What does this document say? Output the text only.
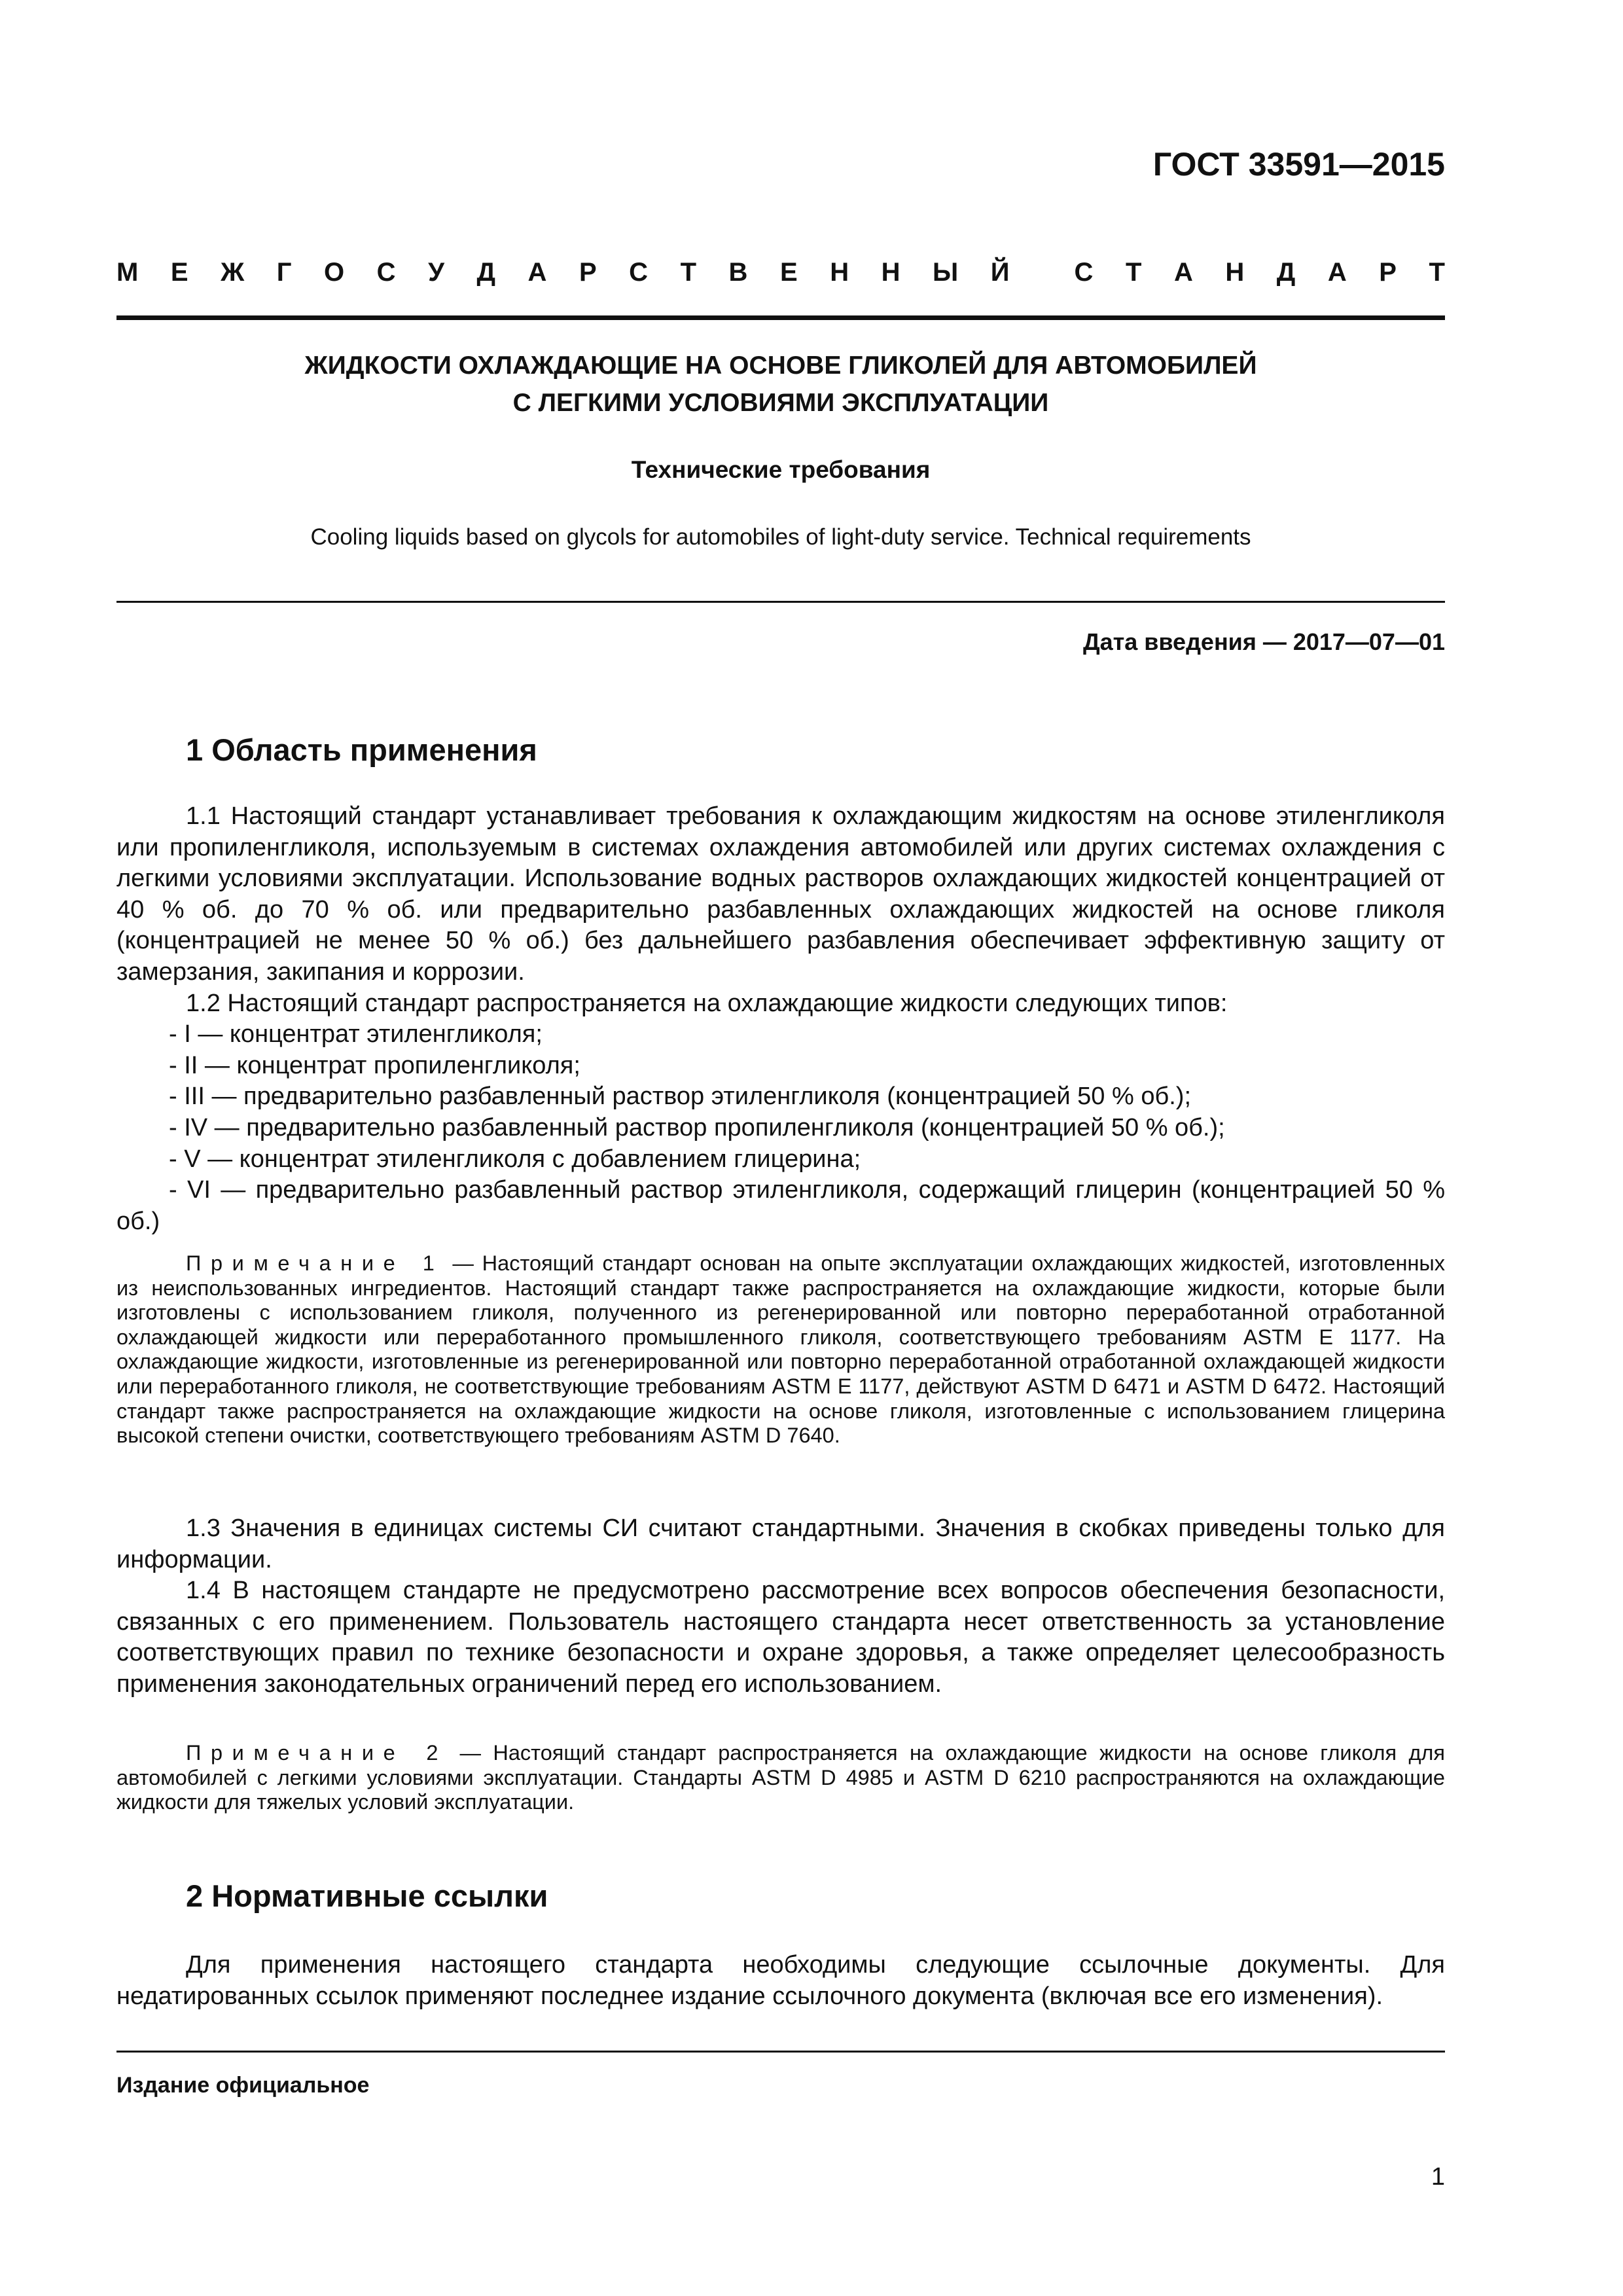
ГОСТ 33591—2015
М Е Ж Г О С У Д А Р С Т В Е Н Н Ы Й С Т А Н Д А Р Т
ЖИДКОСТИ ОХЛАЖДАЮЩИЕ НА ОСНОВЕ ГЛИКОЛЕЙ ДЛЯ АВТОМОБИЛЕЙ
С ЛЕГКИМИ УСЛОВИЯМИ ЭКСПЛУАТАЦИИ
Технические требования
Cooling liquids based on glycols for automobiles of light-duty service. Technical requirements
Дата введения — 2017—07—01
1 Область применения

1.1 Настоящий стандарт устанавливает требования к охлаждающим жидкостям на основе этиленгликоля или пропиленгликоля, используемым в системах охлаждения автомобилей или других системах охлаждения с легкими условиями эксплуатации. Использование водных растворов охлаждающих жидкостей концентрацией от 40 % об. до 70 % об. или предварительно разбавленных охлаждающих жидкостей на основе гликоля (концентрацией не менее 50 % об.) без дальнейшего разбавления обеспечивает эффективную защиту от замерзания, закипания и коррозии.

1.2 Настоящий стандарт распространяется на охлаждающие жидкости следующих типов:

- I — концентрат этиленгликоля;

- II — концентрат пропиленгликоля;

- III — предварительно разбавленный раствор этиленгликоля (концентрацией 50 % об.);

- IV — предварительно разбавленный раствор пропиленгликоля (концентрацией 50 % об.);

- V — концентрат этиленгликоля с добавлением глицерина;

- VI — предварительно разбавленный раствор этиленгликоля, содержащий глицерин (концентрацией 50 % об.)

Примечание 1 — Настоящий стандарт основан на опыте эксплуатации охлаждающих жидкостей, изготовленных из неиспользованных ингредиентов. Настоящий стандарт также распространяется на охлаждающие жидкости, которые были изготовлены с использованием гликоля, полученного из регенерированной или повторно переработанной отработанной охлаждающей жидкости или переработанного промышленного гликоля, соответствующего требованиям ASTM E 1177. На охлаждающие жидкости, изготовленные из регенерированной или повторно переработанной отработанной охлаждающей жидкости или переработанного гликоля, не соответствующие требованиям ASTM E 1177, действуют ASTM D 6471 и ASTM D 6472. Настоящий стандарт также распространяется на охлаждающие жидкости на основе гликоля, изготовленные с использованием глицерина высокой степени очистки, соответствующего требованиям ASTM D 7640.

1.3 Значения в единицах системы СИ считают стандартными. Значения в скобках приведены только для информации.

1.4 В настоящем стандарте не предусмотрено рассмотрение всех вопросов обеспечения безопасности, связанных с его применением. Пользователь настоящего стандарта несет ответственность за установление соответствующих правил по технике безопасности и охране здоровья, а также определяет целесообразность применения законодательных ограничений перед его использованием.

Примечание 2 — Настоящий стандарт распространяется на охлаждающие жидкости на основе гликоля для автомобилей с легкими условиями эксплуатации. Стандарты ASTM D 4985 и ASTM D 6210 распространяются на охлаждающие жидкости для тяжелых условий эксплуатации.

2 Нормативные ссылки

Для применения настоящего стандарта необходимы следующие ссылочные документы. Для недатированных ссылок применяют последнее издание ссылочного документа (включая все его изменения).

Издание официальное
1
